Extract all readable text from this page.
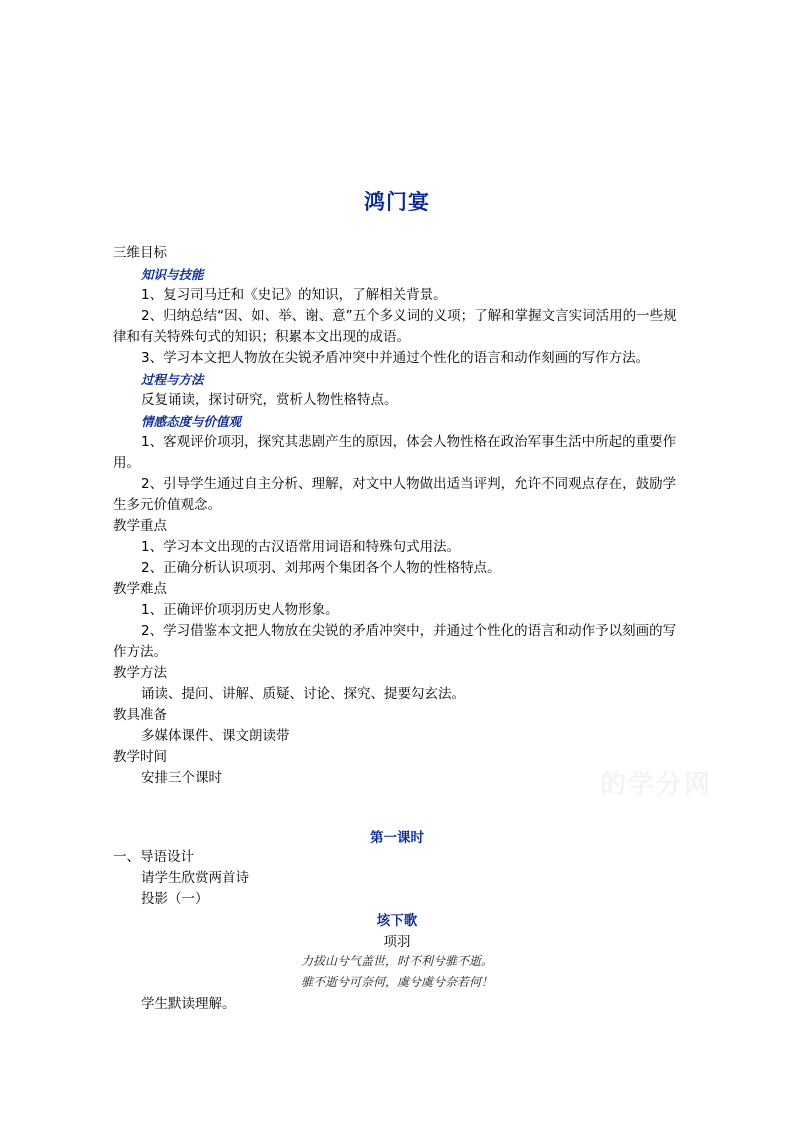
鸿门宴
三维目标
知识与技能
1、复习司马迁和《史记》的知识，了解相关背景。
2、归纳总结“因、如、举、谢、意”五个多义词的义项；了解和掌握文言实词活用的一些规律和有关特殊句式的知识；积累本文出现的成语。
3、学习本文把人物放在尖锐矛盾冲突中并通过个性化的语言和动作刻画的写作方法。
过程与方法
反复诵读，探讨研究，赏析人物性格特点。
情感态度与价值观
1、客观评价项羽，探究其悲剧产生的原因，体会人物性格在政治军事生活中所起的重要作用。
2、引导学生通过自主分析、理解，对文中人物做出适当评判，允许不同观点存在，鼓励学生多元价值观念。
教学重点
1、学习本文出现的古汉语常用词语和特殊句式用法。
2、正确分析认识项羽、刘邦两个集团各个人物的性格特点。
教学难点
1、正确评价项羽历史人物形象。
2、学习借鉴本文把人物放在尖锐的矛盾冲突中，并通过个性化的语言和动作予以刻画的写作方法。
教学方法
诵读、提问、讲解、质疑、讨论、探究、提要勾玄法。
教具准备
多媒体课件、课文朗读带
教学时间
安排三个课时	的学分网
第一课时
一、导语设计
请学生欣赏两首诗
投影（一）
垓下歌
项羽
力拔山兮气盖世，时不利兮骓不逝。
骓不逝兮可奈何，虞兮虞兮奈若何！
学生默读理解。
